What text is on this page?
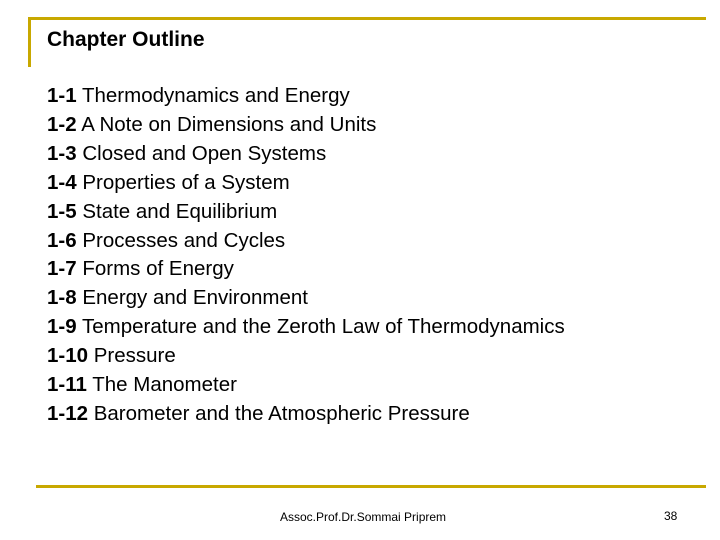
Chapter Outline
1-1 Thermodynamics and Energy
1-2 A Note on Dimensions and Units
1-3 Closed and Open Systems
1-4 Properties of a System
1-5 State and Equilibrium
1-6 Processes and Cycles
1-7 Forms of Energy
1-8 Energy and Environment
1-9 Temperature and the Zeroth Law of Thermodynamics
1-10 Pressure
1-11 The Manometer
1-12 Barometer and the Atmospheric Pressure
Assoc.Prof.Dr.Sommai Priprem	38
